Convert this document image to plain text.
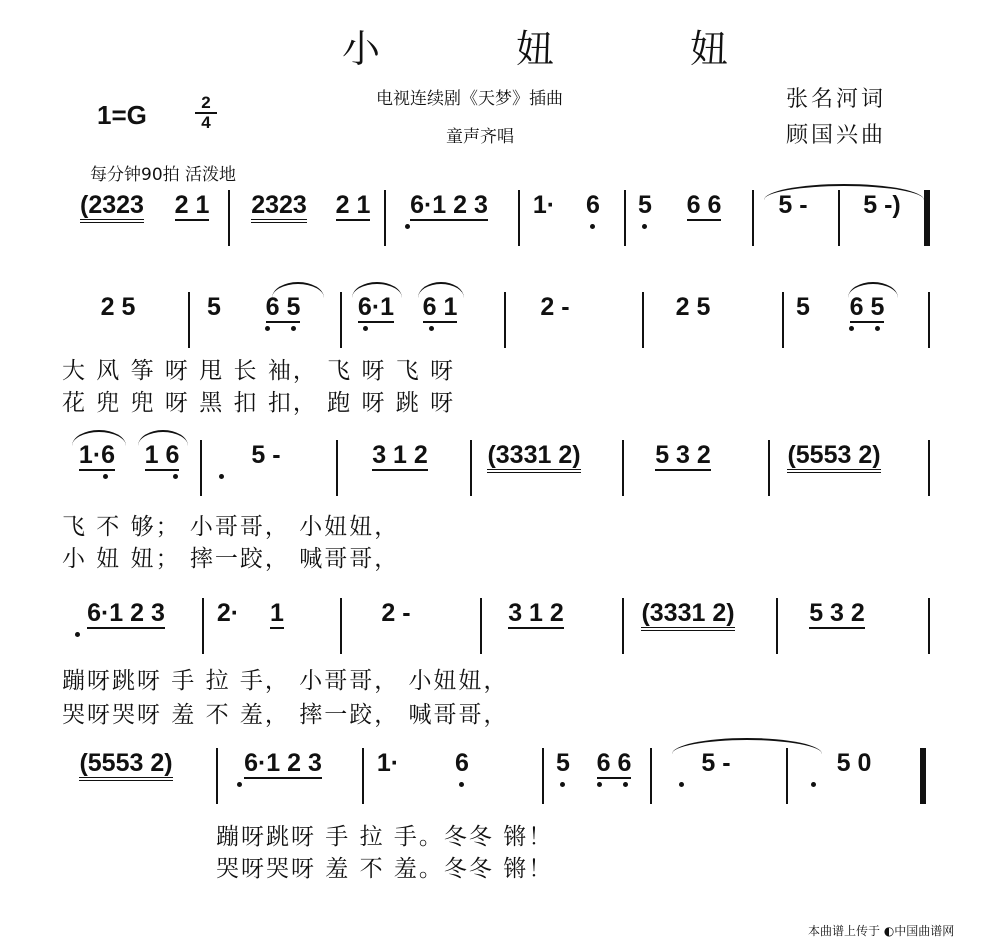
小 妞 妞
1=G	$\frac{2}{4}$	电视连续剧《天梦》插曲
童声齐唱
张名河词
顾国兴曲
每分钟90拍 活泼地
(2323	2 1	2323	2 1	6·1 2 3	1·	6	5	6 6	5 -	5 -)
2 5	5	6 5	6·1	6 1	2 -	2 5	5	6 5
大 风 筝 呀 甩 长 袖， 飞 呀 飞 呀
花 兜 兜 呀 黑 扣 扣， 跑 呀 跳 呀
1·6	1 6	5 -	3 1 2	(3331 2)	5 3 2	(5553 2)
飞 不 够； 小哥哥， 小妞妞，
小 妞 妞； 摔一跤， 喊哥哥，
6·1 2 3	2·	1	2 -	3 1 2	(3331 2)	5 3 2
蹦呀跳呀 手 拉 手， 小哥哥， 小妞妞，
哭呀哭呀 羞 不 羞， 摔一跤， 喊哥哥，
(5553 2)	6·1 2 3	1·	6	5	6 6	5 -	5 0
蹦呀跳呀 手 拉 手。冬冬 锵！
哭呀哭呀 羞 不 羞。冬冬 锵！
本曲谱上传于 ◐中国曲谱网
